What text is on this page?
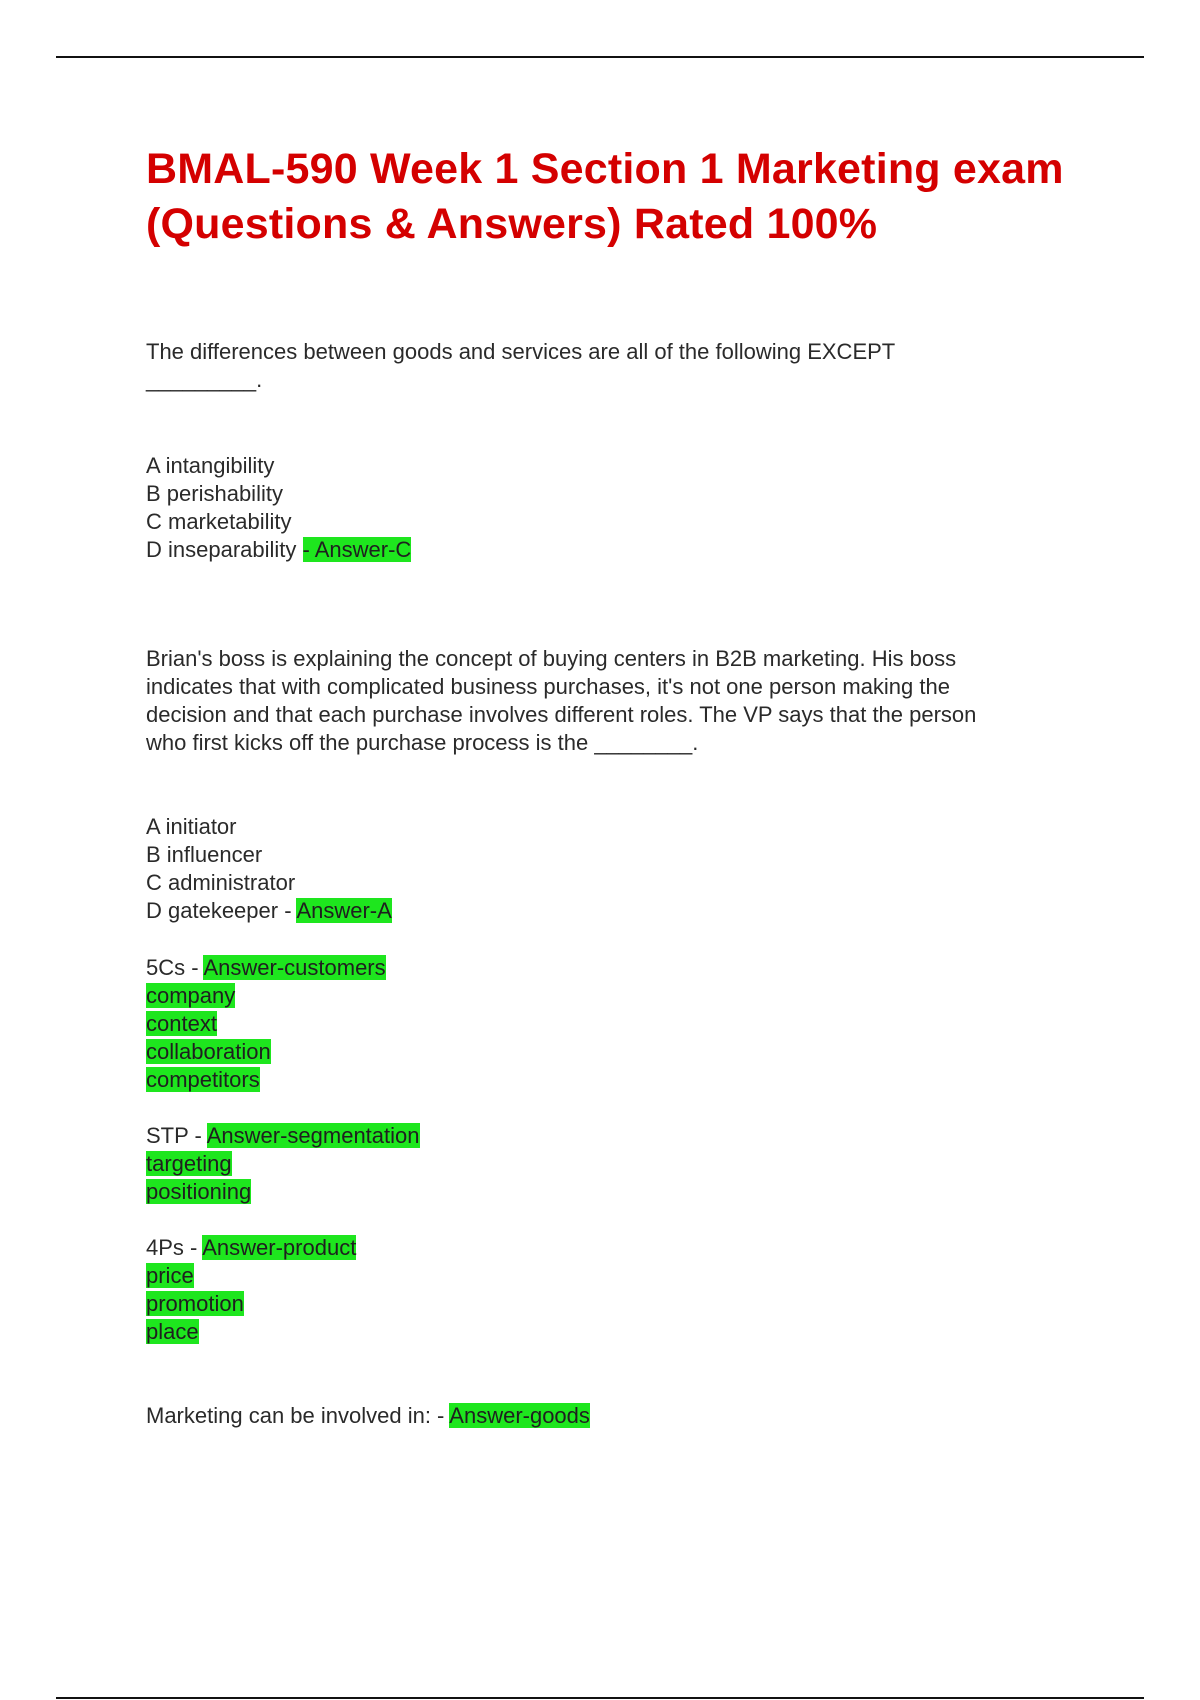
BMAL-590 Week 1 Section 1 Marketing exam (Questions & Answers) Rated 100%
The differences between goods and services are all of the following EXCEPT
_________.
A intangibility
B perishability
C marketability
D inseparability - Answer-C
Brian's boss is explaining the concept of buying centers in B2B marketing. His boss
indicates that with complicated business purchases, it's not one person making the
decision and that each purchase involves different roles. The VP says that the person
who first kicks off the purchase process is the ________.
A initiator
B influencer
C administrator
D gatekeeper - Answer-A
5Cs - Answer-customers
company
context
collaboration
competitors
STP - Answer-segmentation
targeting
positioning
4Ps - Answer-product
price
promotion
place
Marketing can be involved in: - Answer-goods
